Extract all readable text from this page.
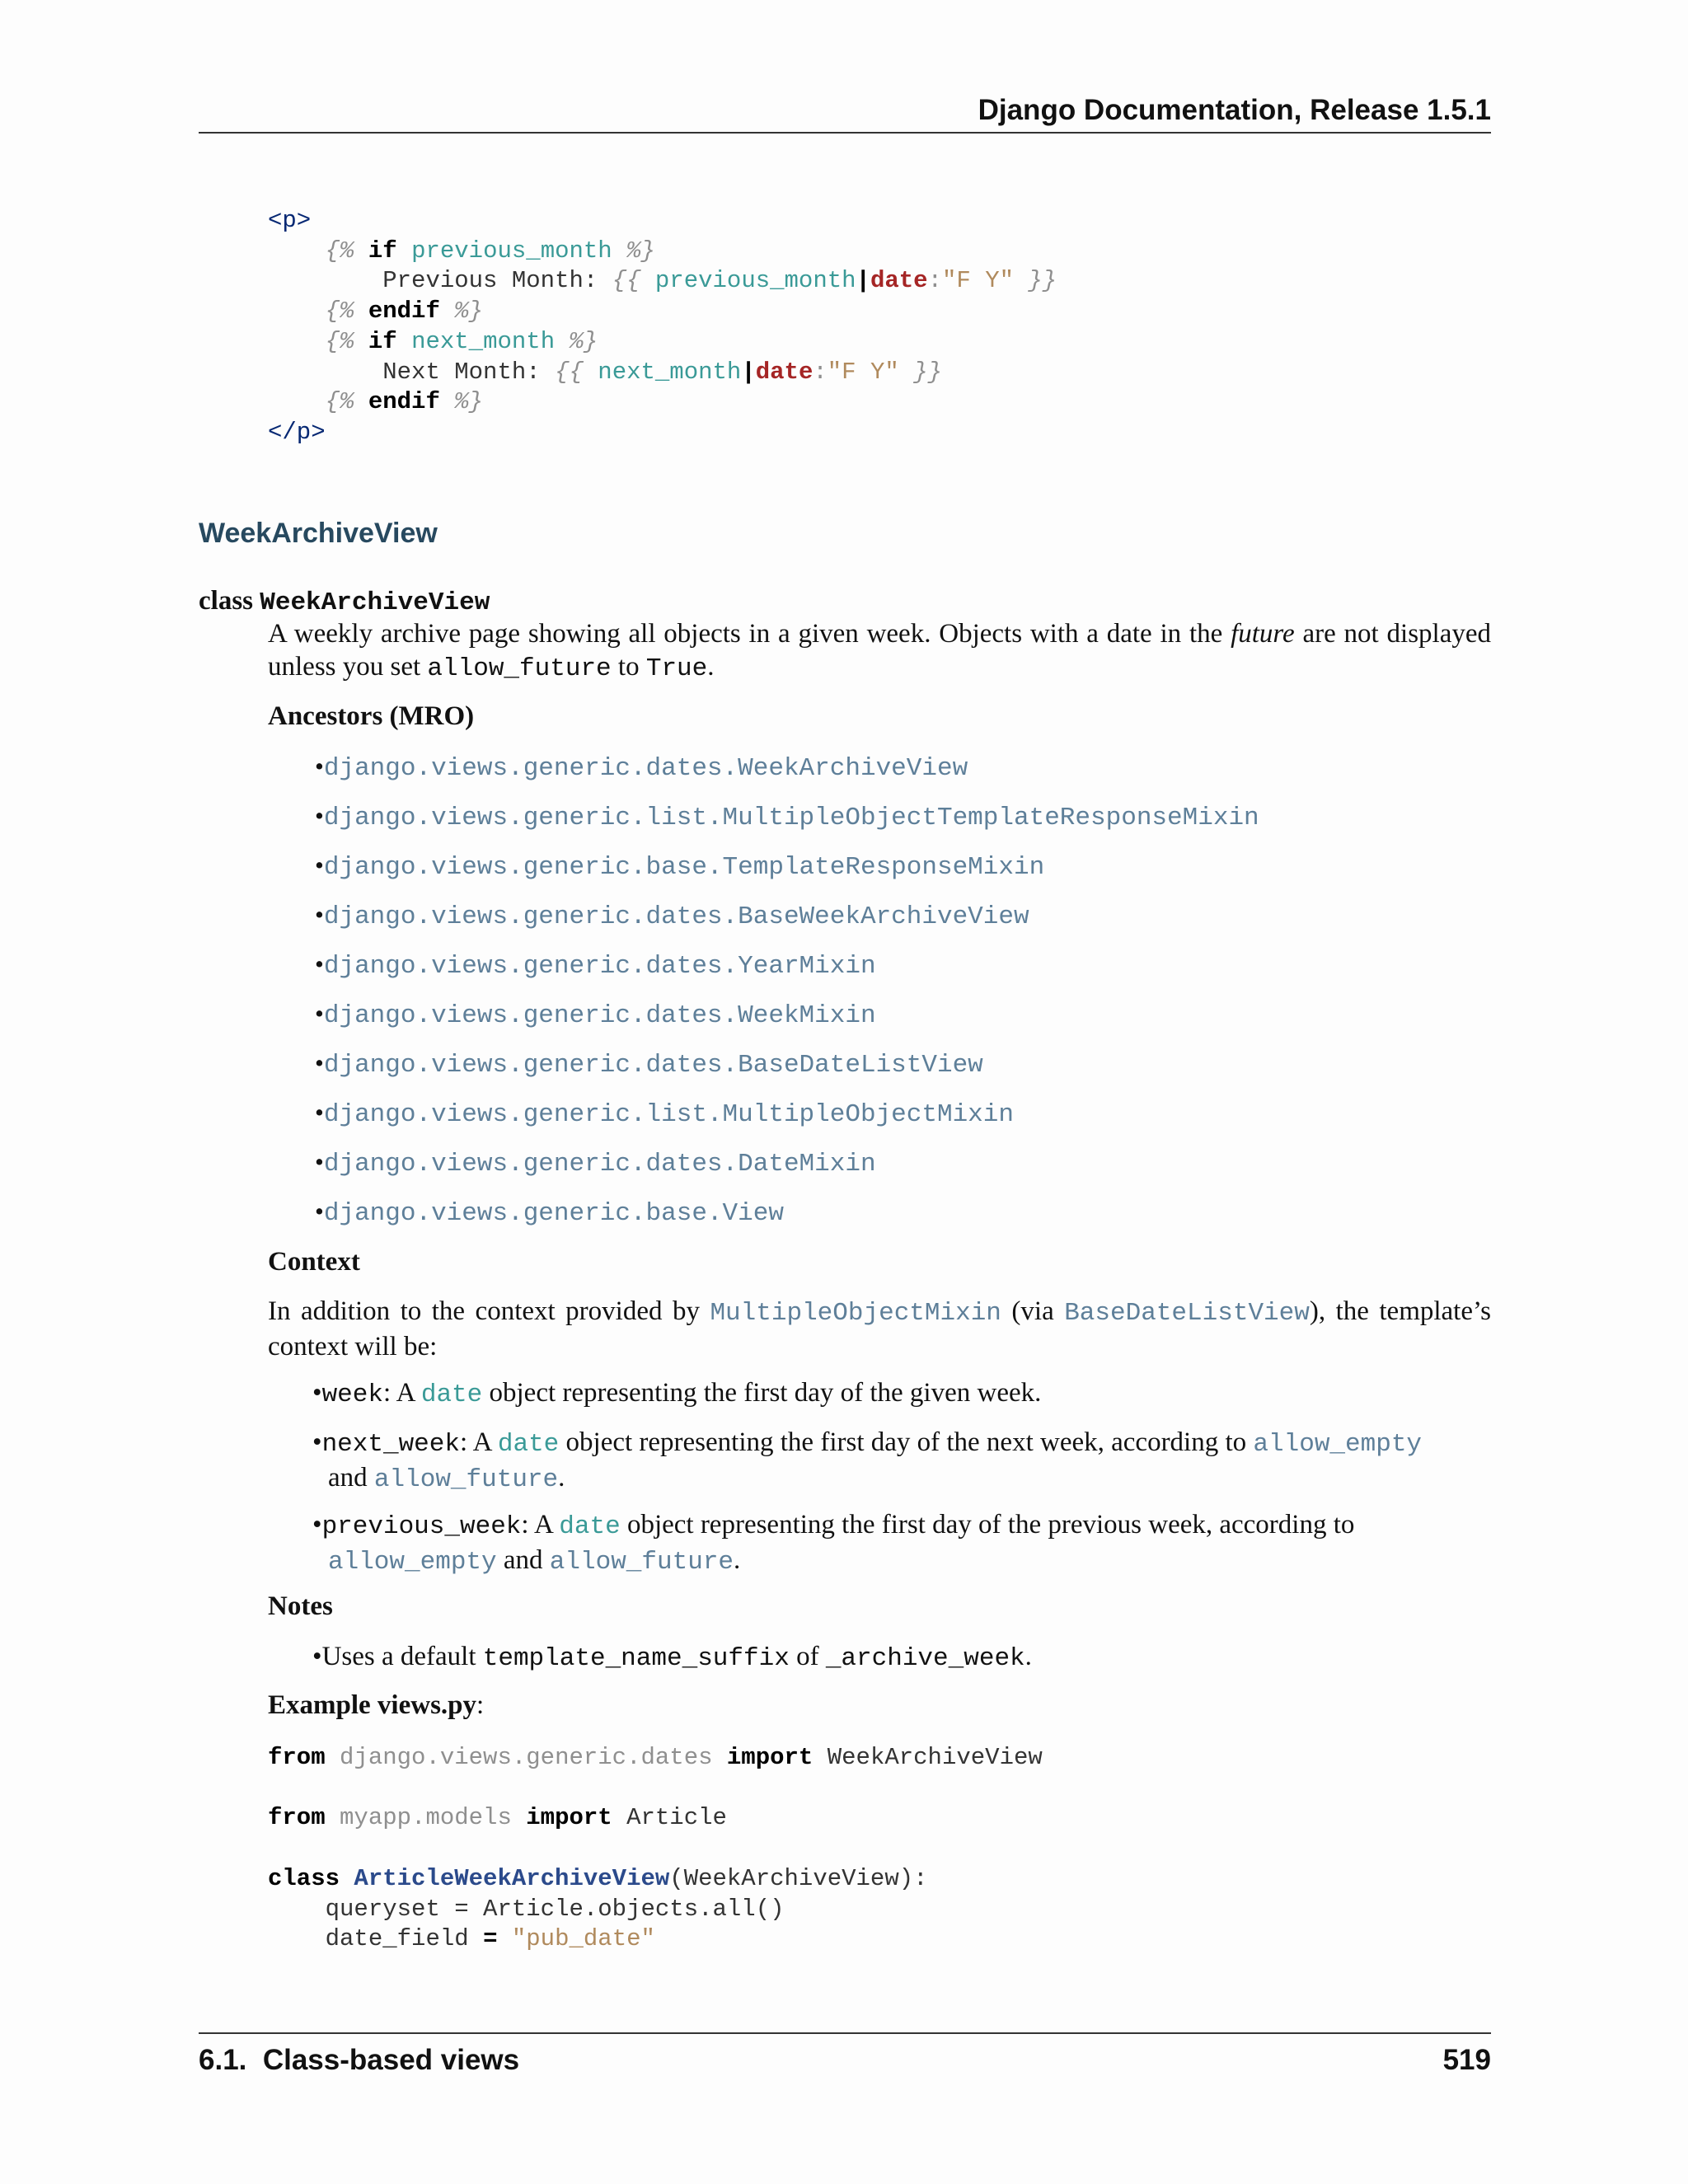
Django Documentation, Release 1.5.1
<p>
{% if previous_month %}
Previous Month: {{ previous_month|date:"F Y" }}
{% endif %}
{% if next_month %}
Next Month: {{ next_month|date:"F Y" }}
{% endif %}
</p>
WeekArchiveView
class WeekArchiveView
A weekly archive page showing all objects in a given week. Objects with a date in the future are not displayed unless you set allow_future to True.
Ancestors (MRO)
•django.views.generic.dates.WeekArchiveView
•django.views.generic.list.MultipleObjectTemplateResponseMixin
•django.views.generic.base.TemplateResponseMixin
•django.views.generic.dates.BaseWeekArchiveView
•django.views.generic.dates.YearMixin
•django.views.generic.dates.WeekMixin
•django.views.generic.dates.BaseDateListView
•django.views.generic.list.MultipleObjectMixin
•django.views.generic.dates.DateMixin
•django.views.generic.base.View
Context
In addition to the context provided by MultipleObjectMixin (via BaseDateListView), the template’s context will be:
•week: A date object representing the first day of the given week.
•next_week: A date object representing the first day of the next week, according to allow_empty
and allow_future.
•previous_week: A date object representing the first day of the previous week, according to
allow_empty and allow_future.
Notes
•Uses a default template_name_suffix of _archive_week.
Example views.py:
from django.views.generic.dates import WeekArchiveView

from myapp.models import Article

class ArticleWeekArchiveView(WeekArchiveView):
queryset = Article.objects.all()
date_field = "pub_date"
6.1.  Class-based views	519
